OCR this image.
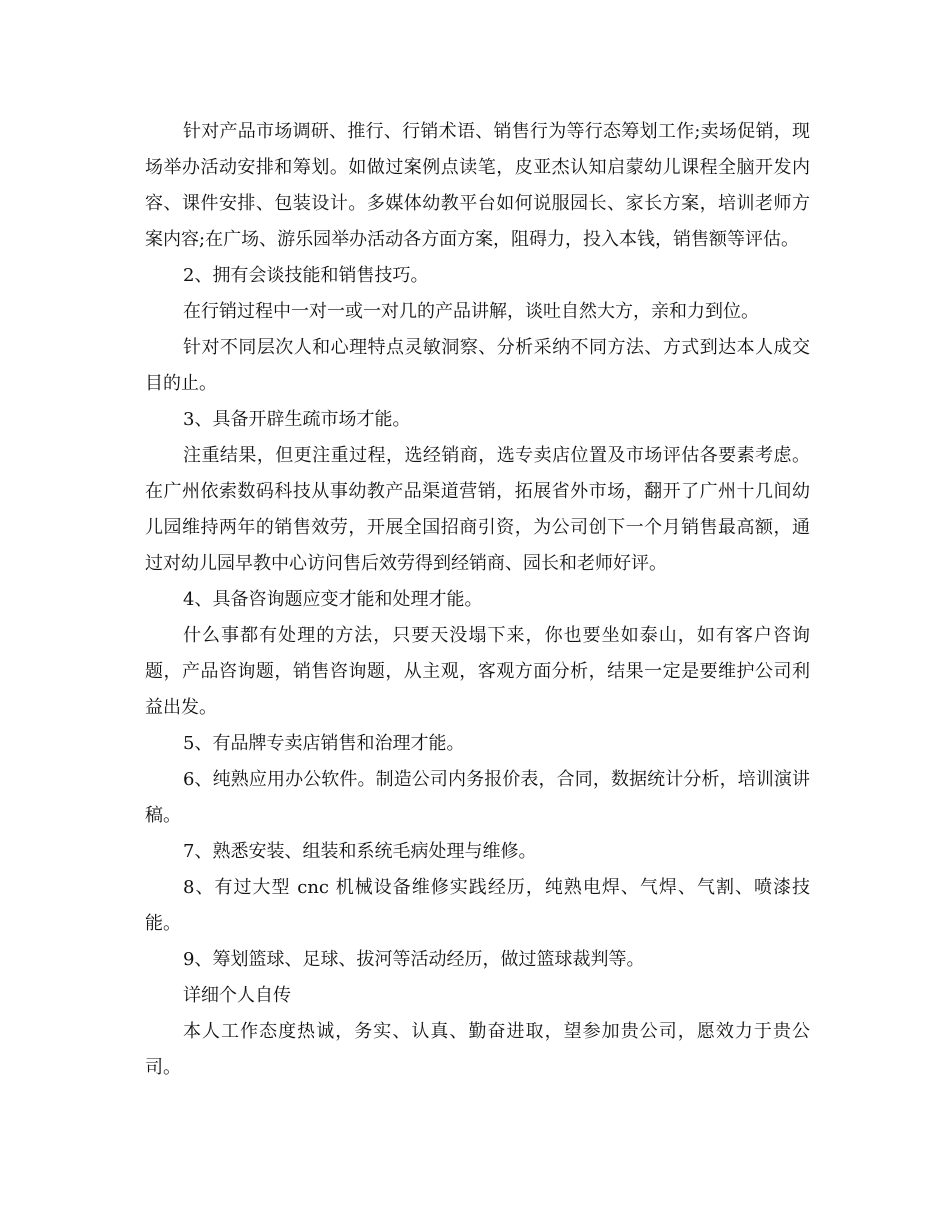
针对产品市场调研、推行、行销术语、销售行为等行态筹划工作;卖场促销，现场举办活动安排和筹划。如做过案例点读笔，皮亚杰认知启蒙幼儿课程全脑开发内容、课件安排、包装设计。多媒体幼教平台如何说服园长、家长方案，培训老师方案内容;在广场、游乐园举办活动各方面方案，阻碍力，投入本钱，销售额等评估。

2、拥有会谈技能和销售技巧。

在行销过程中一对一或一对几的产品讲解，谈吐自然大方，亲和力到位。

针对不同层次人和心理特点灵敏洞察、分析采纳不同方法、方式到达本人成交目的止。

3、具备开辟生疏市场才能。

注重结果，但更注重过程，选经销商，选专卖店位置及市场评估各要素考虑。在广州依索数码科技从事幼教产品渠道营销，拓展省外市场，翻开了广州十几间幼儿园维持两年的销售效劳，开展全国招商引资，为公司创下一个月销售最高额，通过对幼儿园早教中心访问售后效劳得到经销商、园长和老师好评。

4、具备咨询题应变才能和处理才能。

什么事都有处理的方法，只要天没塌下来，你也要坐如泰山，如有客户咨询题，产品咨询题，销售咨询题，从主观，客观方面分析，结果一定是要维护公司利益出发。

5、有品牌专卖店销售和治理才能。

6、纯熟应用办公软件。制造公司内务报价表，合同，数据统计分析，培训演讲稿。

7、熟悉安装、组装和系统毛病处理与维修。

8、有过大型 cnc 机械设备维修实践经历，纯熟电焊、气焊、气割、喷漆技能。

9、筹划篮球、足球、拔河等活动经历，做过篮球裁判等。

详细个人自传

本人工作态度热诚，务实、认真、勤奋进取，望参加贵公司，愿效力于贵公司。
